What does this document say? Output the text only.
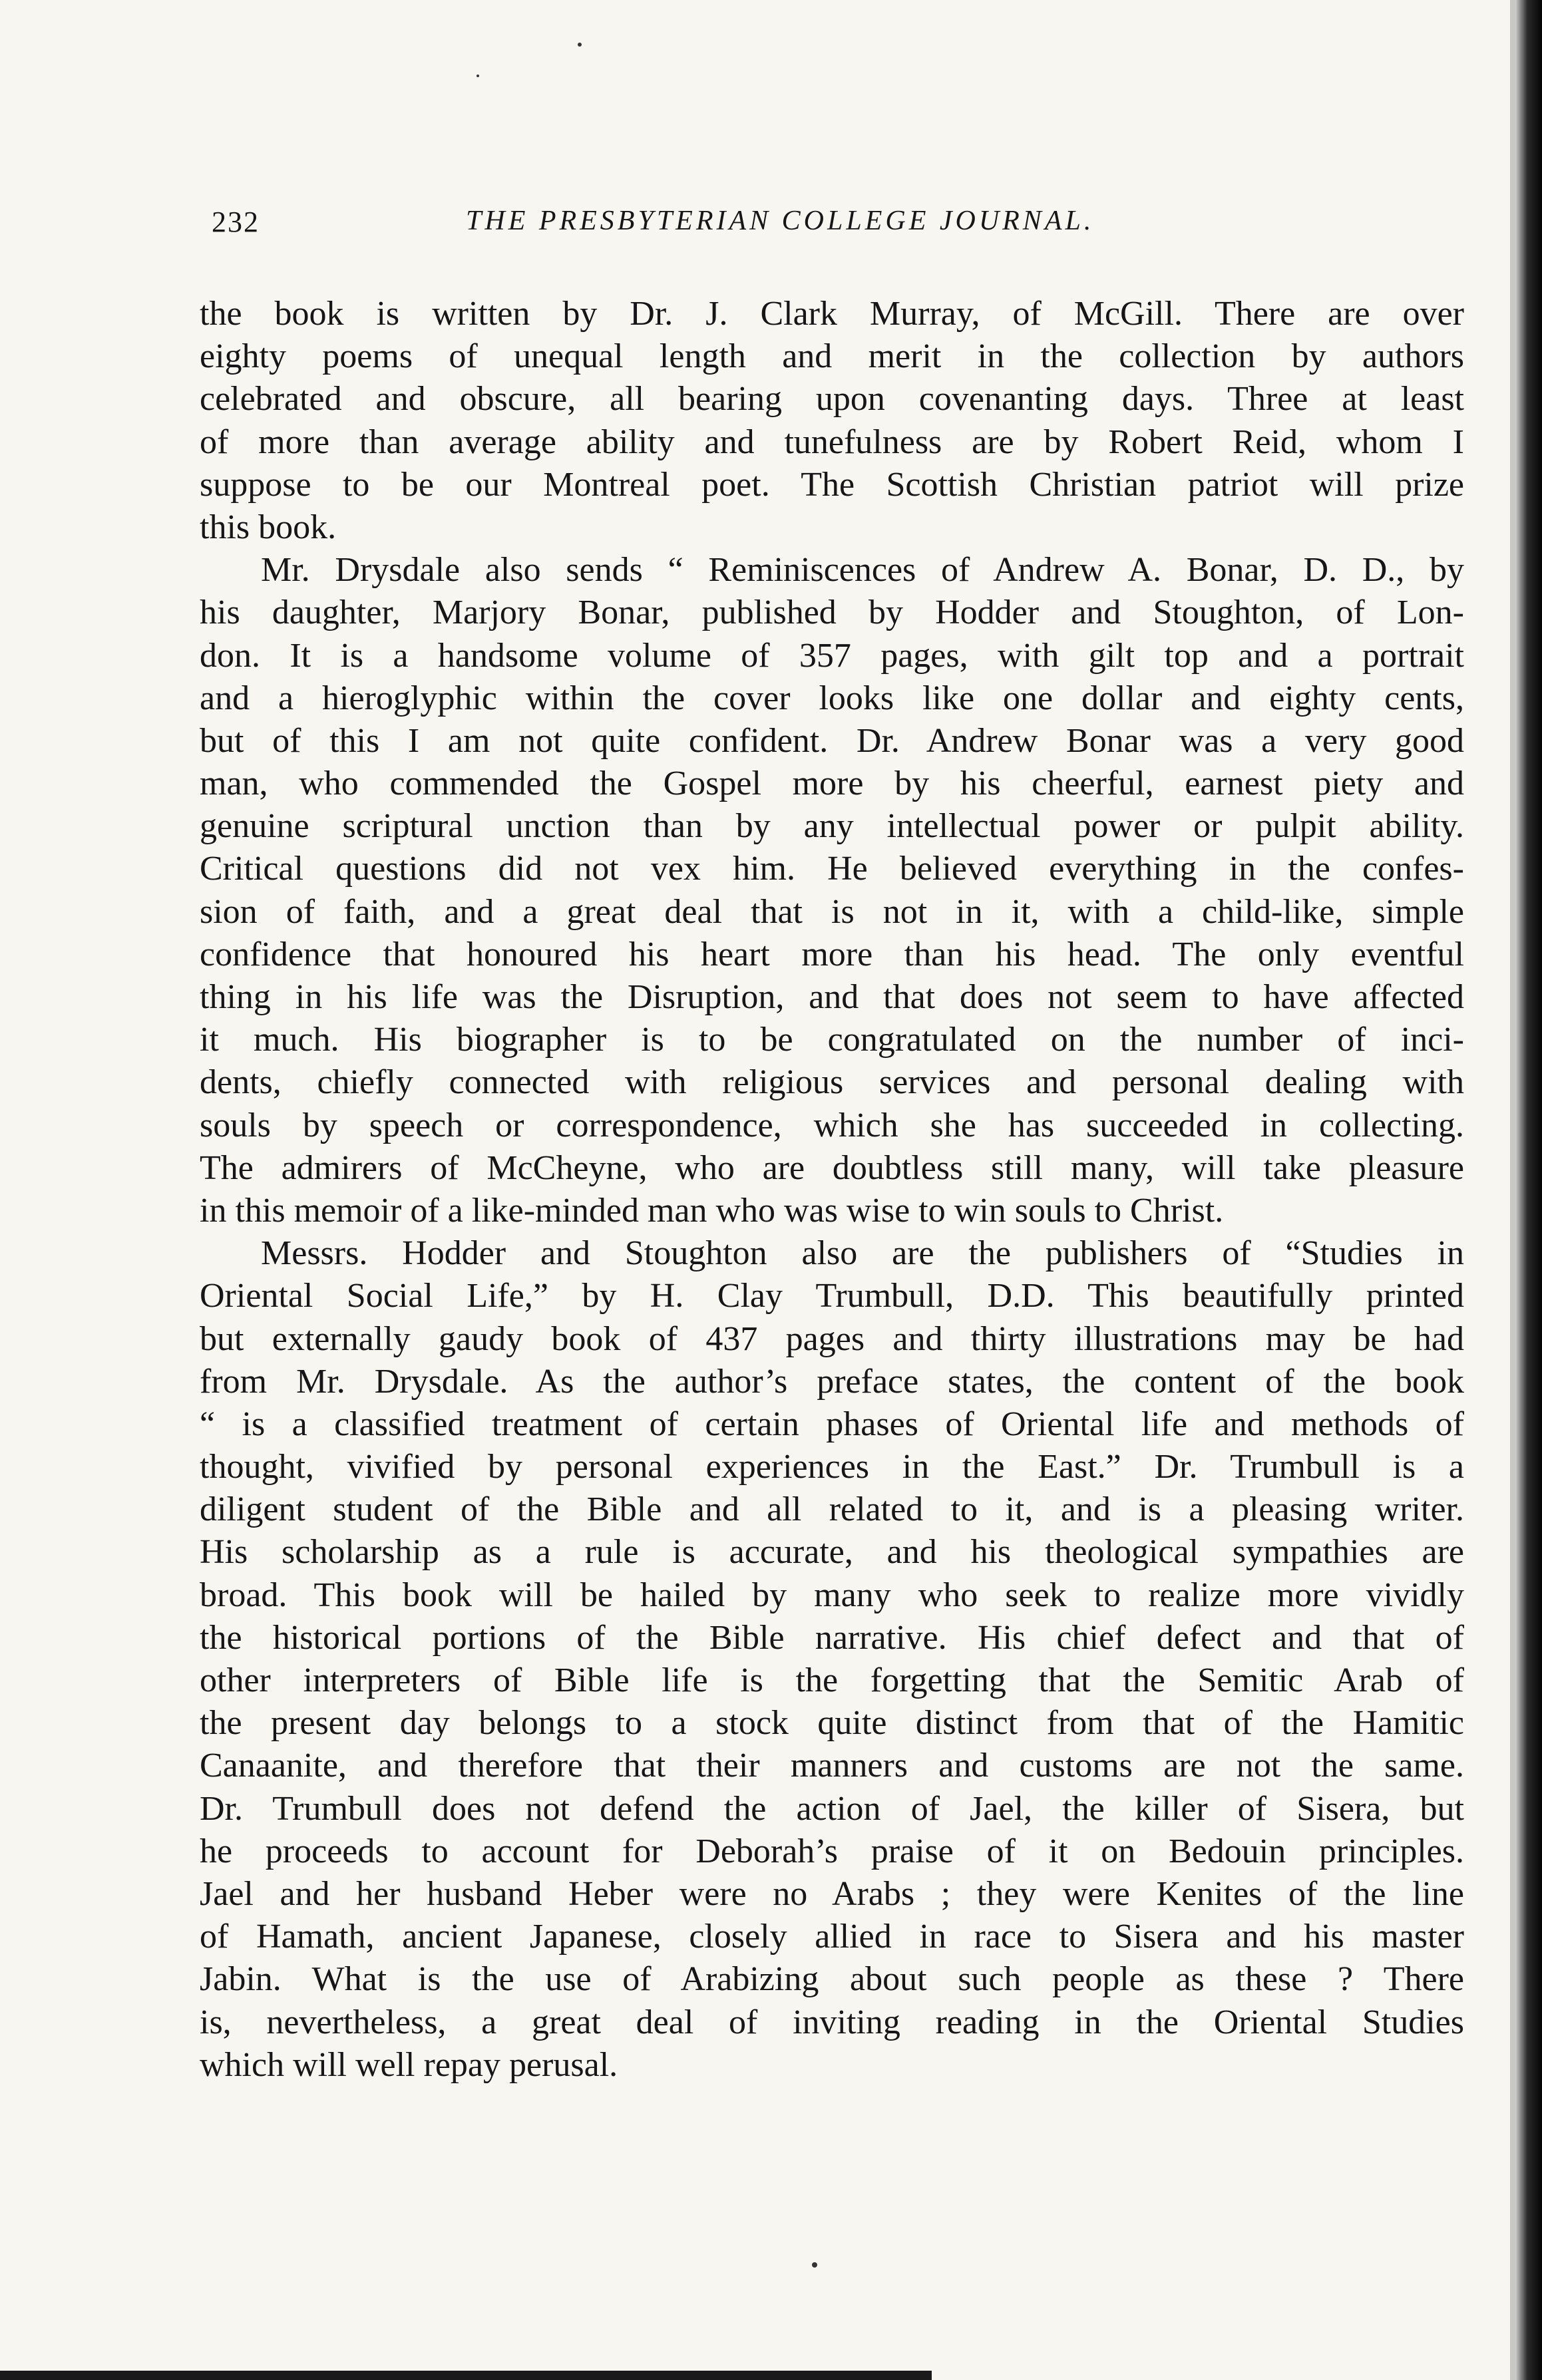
232	THE PRESBYTERIAN COLLEGE JOURNAL.
the book is written by Dr. J. Clark Murray, of McGill. There are over
eighty poems of unequal length and merit in the collection by authors
celebrated and obscure, all bearing upon covenanting days. Three at least
of more than average ability and tunefulness are by Robert Reid, whom I
suppose to be our Montreal poet. The Scottish Christian patriot will prize
this book.
Mr. Drysdale also sends “ Reminiscences of Andrew A. Bonar, D. D., by
his daughter, Marjory Bonar, published by Hodder and Stoughton, of Lon-
don. It is a handsome volume of 357 pages, with gilt top and a portrait
and a hieroglyphic within the cover looks like one dollar and eighty cents,
but of this I am not quite confident. Dr. Andrew Bonar was a very good
man, who commended the Gospel more by his cheerful, earnest piety and
genuine scriptural unction than by any intellectual power or pulpit ability.
Critical questions did not vex him. He believed everything in the confes-
sion of faith, and a great deal that is not in it, with a child-like, simple
confidence that honoured his heart more than his head. The only eventful
thing in his life was the Disruption, and that does not seem to have affected
it much. His biographer is to be congratulated on the number of inci-
dents, chiefly connected with religious services and personal dealing with
souls by speech or correspondence, which she has succeeded in collecting.
The admirers of McCheyne, who are doubtless still many, will take pleasure
in this memoir of a like-minded man who was wise to win souls to Christ.
Messrs. Hodder and Stoughton also are the publishers of “Studies in
Oriental Social Life,” by H. Clay Trumbull, D.D. This beautifully printed
but externally gaudy book of 437 pages and thirty illustrations may be had
from Mr. Drysdale. As the author’s preface states, the content of the book
“ is a classified treatment of certain phases of Oriental life and methods of
thought, vivified by personal experiences in the East.” Dr. Trumbull is a
diligent student of the Bible and all related to it, and is a pleasing writer.
His scholarship as a rule is accurate, and his theological sympathies are
broad. This book will be hailed by many who seek to realize more vividly
the historical portions of the Bible narrative. His chief defect and that of
other interpreters of Bible life is the forgetting that the Semitic Arab of
the present day belongs to a stock quite distinct from that of the Hamitic
Canaanite, and therefore that their manners and customs are not the same.
Dr. Trumbull does not defend the action of Jael, the killer of Sisera, but
he proceeds to account for Deborah’s praise of it on Bedouin principles.
Jael and her husband Heber were no Arabs ; they were Kenites of the line
of Hamath, ancient Japanese, closely allied in race to Sisera and his master
Jabin. What is the use of Arabizing about such people as these ? There
is, nevertheless, a great deal of inviting reading in the Oriental Studies
which will well repay perusal.
